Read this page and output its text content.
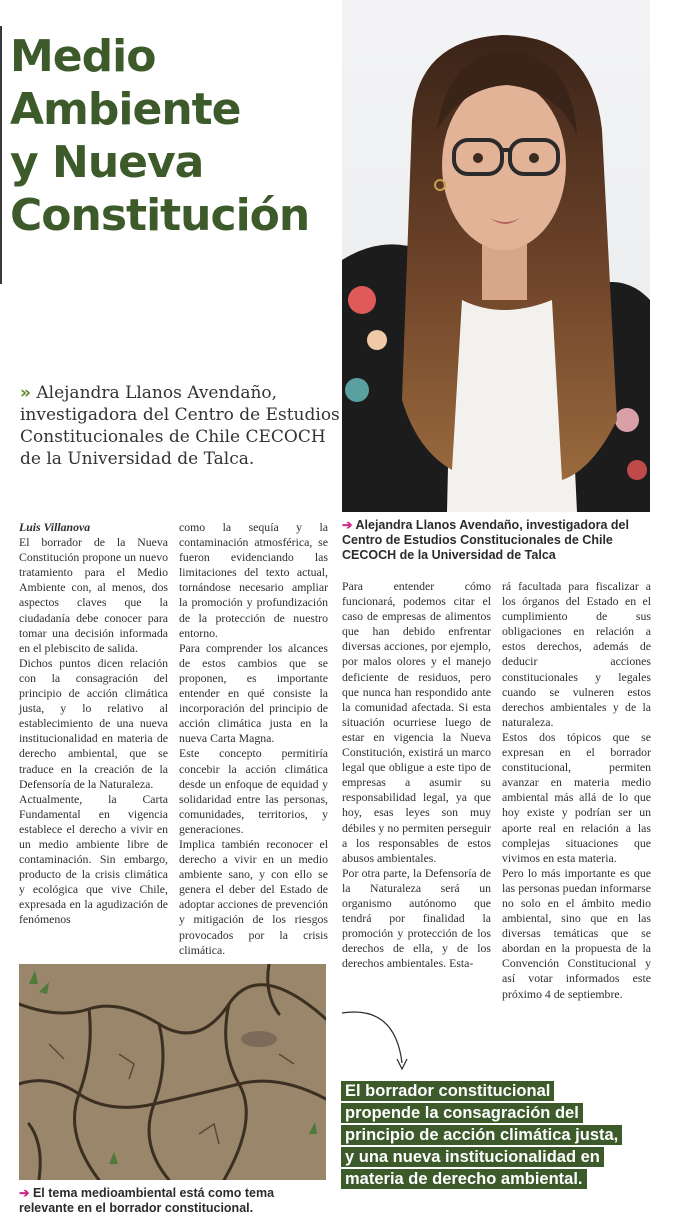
Medio
Ambiente
y Nueva
Constitución
» Alejandra Llanos Avendaño, investigadora del Centro de Estudios Constitucionales de Chile CECOCH de la Universidad de Talca.
➔ Alejandra Llanos Avendaño, investigadora del Centro de Estudios Constitucionales de Chile CECOCH de la Universidad de Talca

Luis Villanova

El borrador de la Nueva Constitución propone un nuevo tratamiento para el Medio Ambiente con, al menos, dos aspectos claves que la ciudadanía debe conocer para tomar una decisión informada en el plebiscito de salida.

Dichos puntos dicen relación con la consagración del principio de acción climática justa, y lo relativo al establecimiento de una nueva institucionalidad en materia de derecho ambiental, que se traduce en la creación de la Defensoría de la Naturaleza.

Actualmente, la Carta Fundamental en vigencia establece el derecho a vivir en un medio ambiente libre de contaminación. Sin embargo, producto de la crisis climática y ecológica que vive Chile, expresada en la agudización de fenómenos

como la sequía y la contaminación atmosférica, se fueron evidenciando las limitaciones del texto actual, tornándose necesario ampliar la promoción y profundización de la protección de nuestro entorno.

Para comprender los alcances de estos cambios que se proponen, es importante entender en qué consiste la incorporación del principio de acción climática justa en la nueva Carta Magna.

Este concepto permitiría concebir la acción climática desde un enfoque de equidad y solidaridad entre las personas, comunidades, territorios, y generaciones.

Implica también reconocer el derecho a vivir en un medio ambiente sano, y con ello se genera el deber del Estado de adoptar acciones de prevención y mitigación de los riesgos provocados por la crisis climática.

Para entender cómo funcionará, podemos citar el caso de empresas de alimentos que han debido enfrentar diversas acciones, por ejemplo, por malos olores y el manejo deficiente de residuos, pero que nunca han respondido ante la comunidad afectada. Si esta situación ocurriese luego de estar en vigencia la Nueva Constitución, existirá un marco legal que obligue a este tipo de empresas a asumir su responsabilidad legal, ya que hoy, esas leyes son muy débiles y no permiten perseguir a los responsables de estos abusos ambientales.

Por otra parte, la Defensoría de la Naturaleza será un organismo autónomo que tendrá por finalidad la promoción y protección de los derechos de ella, y de los derechos ambientales. Esta-

rá facultada para fiscalizar a los órganos del Estado en el cumplimiento de sus obligaciones en relación a estos derechos, además de deducir acciones constitucionales y legales cuando se vulneren estos derechos ambientales y de la naturaleza.

Estos dos tópicos que se expresan en el borrador constitucional, permiten avanzar en materia medio ambiental más allá de lo que hoy existe y podrían ser un aporte real en relación a las complejas situaciones que vivimos en esta materia.

Pero lo más importante es que las personas puedan informarse no solo en el ámbito medio ambiental, sino que en las diversas temáticas que se abordan en la propuesta de la Convención Constitucional y así votar informados este próximo 4 de septiembre.

➔ El tema medioambiental está como tema relevante en el borrador constitucional.
El borrador constitucional propende la consagración del principio de acción climática justa, y una nueva institucionalidad en materia de derecho ambiental.
